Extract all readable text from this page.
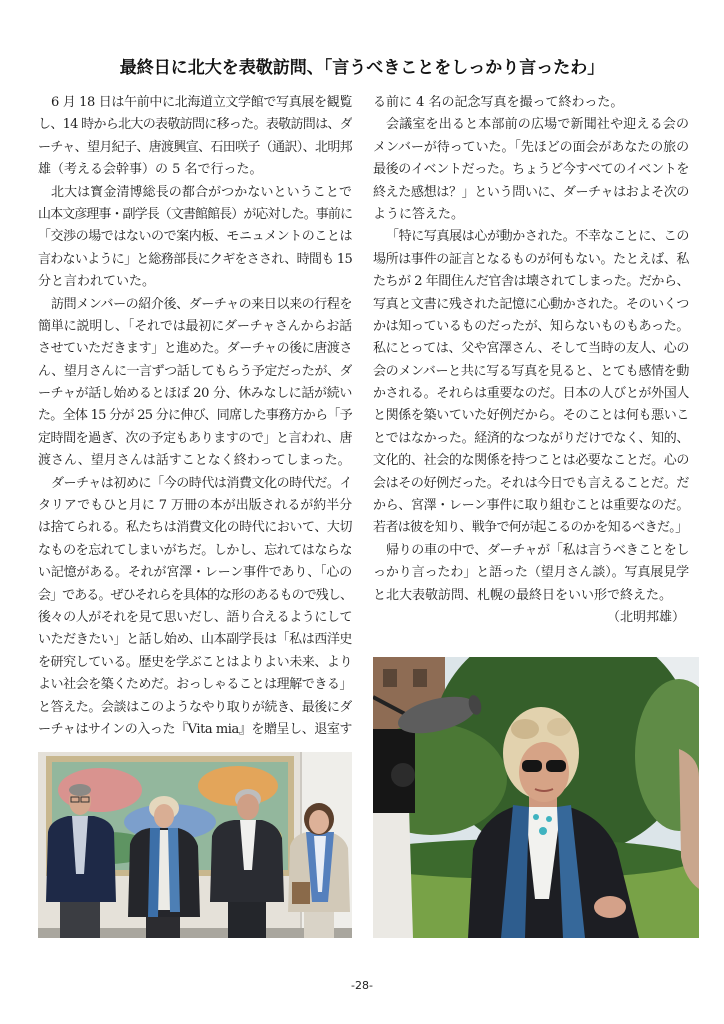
最終日に北大を表敬訪問、「言うべきことをしっかり言ったわ」
6 月 18 日は午前中に北海道立文学館で写真展を観覧
し、14 時から北大の表敬訪問に移った。表敬訪問は、ダ
ーチャ、望月紀子、唐渡興宣、石田咲子（通訳）、北明邦
雄（考える会幹事）の 5 名で行った。
北大は寳金清博総長の都合がつかないということで
山本文彦理事・副学長（文書館館長）が応対した。事前に
「交渉の場ではないので案内板、モニュメントのことは
言わないように」と総務部長にクギをさされ、時間も 15
分と言われていた。
訪問メンバーの紹介後、ダーチャの来日以来の行程を
簡単に説明し、「それでは最初にダーチャさんからお話
させていただきます」と進めた。ダーチャの後に唐渡さ
ん、望月さんに一言ずつ話してもらう予定だったが、ダ
ーチャが話し始めるとほぼ 20 分、休みなしに話が続い
た。全体 15 分が 25 分に伸び、同席した事務方から「予
定時間を過ぎ、次の予定もありますので」と言われ、唐
渡さん、望月さんは話すことなく終わってしまった。
ダーチャは初めに「今の時代は消費文化の時代だ。イ
タリアでもひと月に 7 万冊の本が出版されるが約半分
は捨てられる。私たちは消費文化の時代において、大切
なものを忘れてしまいがちだ。しかし、忘れてはならな
い記憶がある。それが宮澤・レーン事件であり、「心の
会」である。ぜひそれらを具体的な形のあるもので残し、
後々の人がそれを見て思いだし、語り合えるようにして
いただきたい」と話し始め、山本副学長は「私は西洋史
を研究している。歴史を学ぶことはよりよい未来、より
よい社会を築くためだ。おっしゃることは理解できる」
と答えた。会談はこのようなやり取りが続き、最後にダ
ーチャはサインの入った『Vita mia』を贈呈し、退室す
る前に 4 名の記念写真を撮って終わった。
会議室を出ると本部前の広場で新聞社や迎える会の
メンバーが待っていた。「先ほどの面会があなたの旅の
最後のイベントだった。ちょうど今すべてのイベントを
終えた感想は？」という問いに、ダーチャはおよそ次の
ように答えた。
「特に写真展は心が動かされた。不幸なことに、この
場所は事件の証言となるものが何もない。たとえば、私
たちが 2 年間住んだ官舎は壊されてしまった。だから、
写真と文書に残された記憶に心動かされた。そのいくつ
かは知っているものだったが、知らないものもあった。
私にとっては、父や宮澤さん、そして当時の友人、心の
会のメンバーと共に写る写真を見ると、とても感情を動
かされる。それらは重要なのだ。日本の人びとが外国人
と関係を築いていた好例だから。そのことは何も悪いこ
とではなかった。経済的なつながりだけでなく、知的、
文化的、社会的な関係を持つことは必要なことだ。心の
会はその好例だった。それは今日でも言えることだ。だ
から、宮澤・レーン事件に取り組むことは重要なのだ。
若者は彼を知り、戦争で何が起こるのかを知るべきだ。」
帰りの車の中で、ダーチャが「私は言うべきことをし
っかり言ったわ」と語った（望月さん談）。写真展見学
と北大表敬訪問、札幌の最終日をいい形で終えた。
（北明邦雄）
-28-
